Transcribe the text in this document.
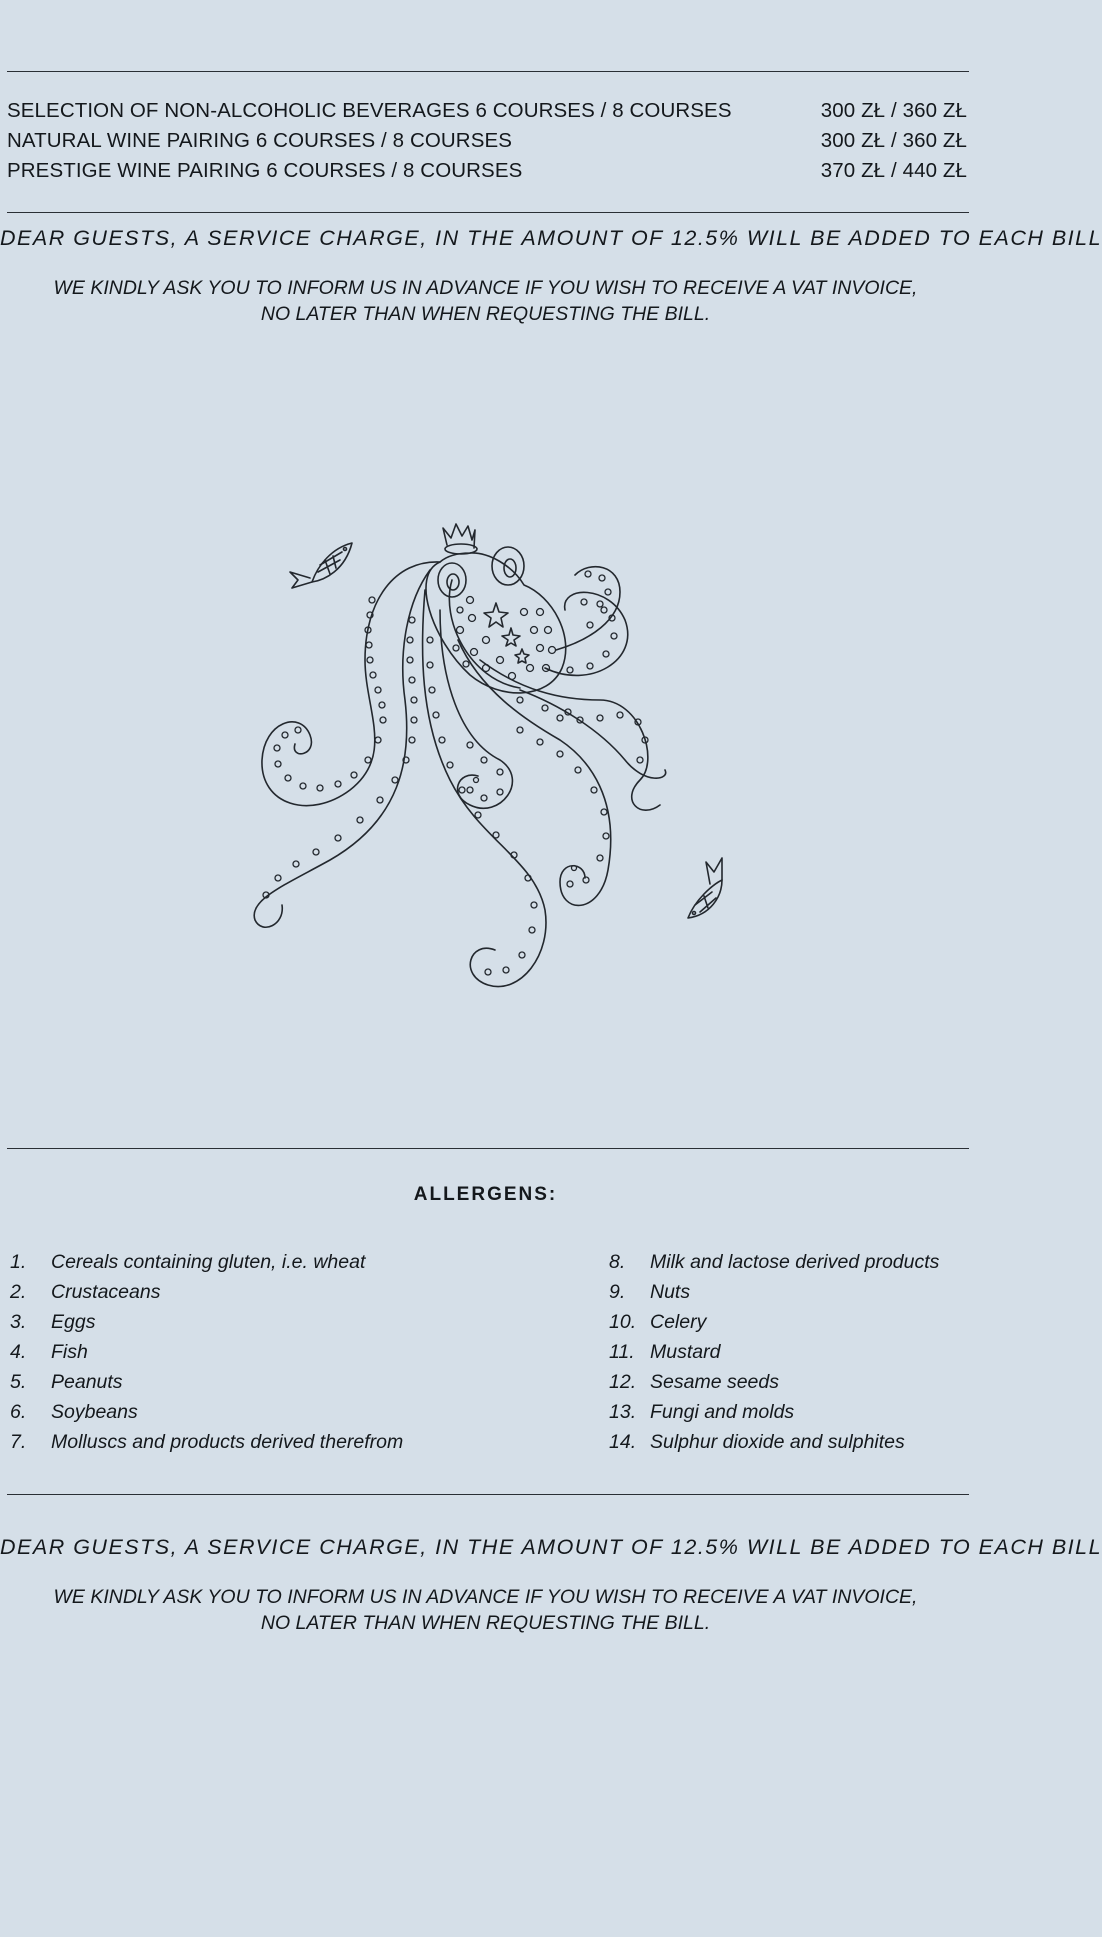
SELECTION OF NON-ALCOHOLIC BEVERAGES 6 COURSES / 8 COURSES	300 ZŁ / 360 ZŁ
NATURAL WINE PAIRING 6 COURSES / 8 COURSES	300 ZŁ / 360 ZŁ
PRESTIGE WINE PAIRING 6 COURSES / 8 COURSES	370 ZŁ / 440 ZŁ
DEAR GUESTS, A SERVICE CHARGE, IN THE AMOUNT OF 12.5% WILL BE ADDED TO EACH BILL
WE KINDLY ASK YOU TO INFORM US IN ADVANCE IF YOU WISH TO RECEIVE A VAT INVOICE,
NO LATER THAN WHEN REQUESTING THE BILL.
ALLERGENS:
1.	Cereals containing gluten, i.e. wheat
2.	Crustaceans
3.	Eggs
4.	Fish
5.	Peanuts
6.	Soybeans
7.	Molluscs and products derived therefrom
8.	Milk and lactose derived products
9.	Nuts
10. Celery
11. Mustard
12. Sesame seeds
13. Fungi and molds
14. Sulphur dioxide and sulphites
DEAR GUESTS, A SERVICE CHARGE, IN THE AMOUNT OF 12.5% WILL BE ADDED TO EACH BILL
WE KINDLY ASK YOU TO INFORM US IN ADVANCE IF YOU WISH TO RECEIVE A VAT INVOICE,
NO LATER THAN WHEN REQUESTING THE BILL.
